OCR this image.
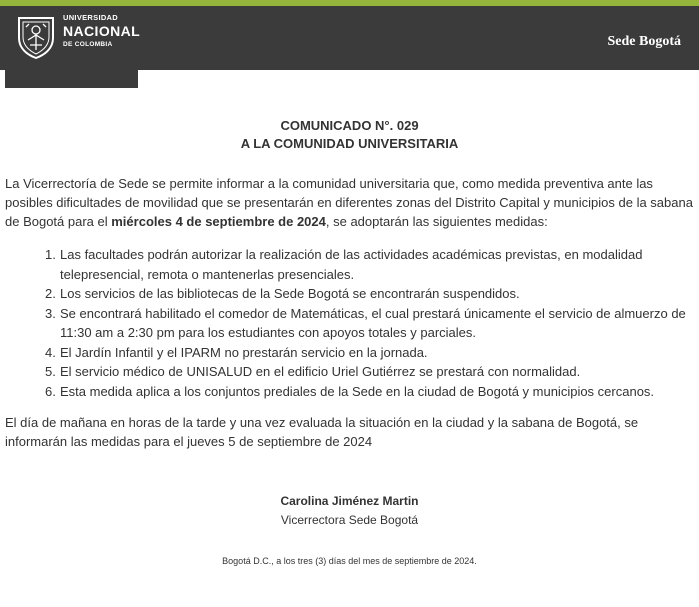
UNIVERSIDAD
NACIONAL
DE COLOMBIA	Sede Bogotá
COMUNICADO N°. 029
A LA COMUNIDAD UNIVERSITARIA
La Vicerrectoría de Sede se permite informar a la comunidad universitaria que, como medida preventiva ante las posibles dificultades de movilidad que se presentarán en diferentes zonas del Distrito Capital y municipios de la sabana de Bogotá para el miércoles 4 de septiembre de 2024, se adoptarán las siguientes medidas:
1. Las facultades podrán autorizar la realización de las actividades académicas previstas, en modalidad telepresencial, remota o mantenerlas presenciales.
2. Los servicios de las bibliotecas de la Sede Bogotá se encontrarán suspendidos.
3. Se encontrará habilitado el comedor de Matemáticas, el cual prestará únicamente el servicio de almuerzo de 11:30 am a 2:30 pm para los estudiantes con apoyos totales y parciales.
4. El Jardín Infantil y el IPARM no prestarán servicio en la jornada.
5. El servicio médico de UNISALUD en el edificio Uriel Gutiérrez se prestará con normalidad.
6. Esta medida aplica a los conjuntos prediales de la Sede en la ciudad de Bogotá y municipios cercanos.
El día de mañana en horas de la tarde y una vez evaluada la situación en la ciudad y la sabana de Bogotá, se informarán las medidas para el jueves 5 de septiembre de 2024
Carolina Jiménez Martin
Vicerrectora Sede Bogotá
Bogotá D.C., a los tres (3) días del mes de septiembre de 2024.
